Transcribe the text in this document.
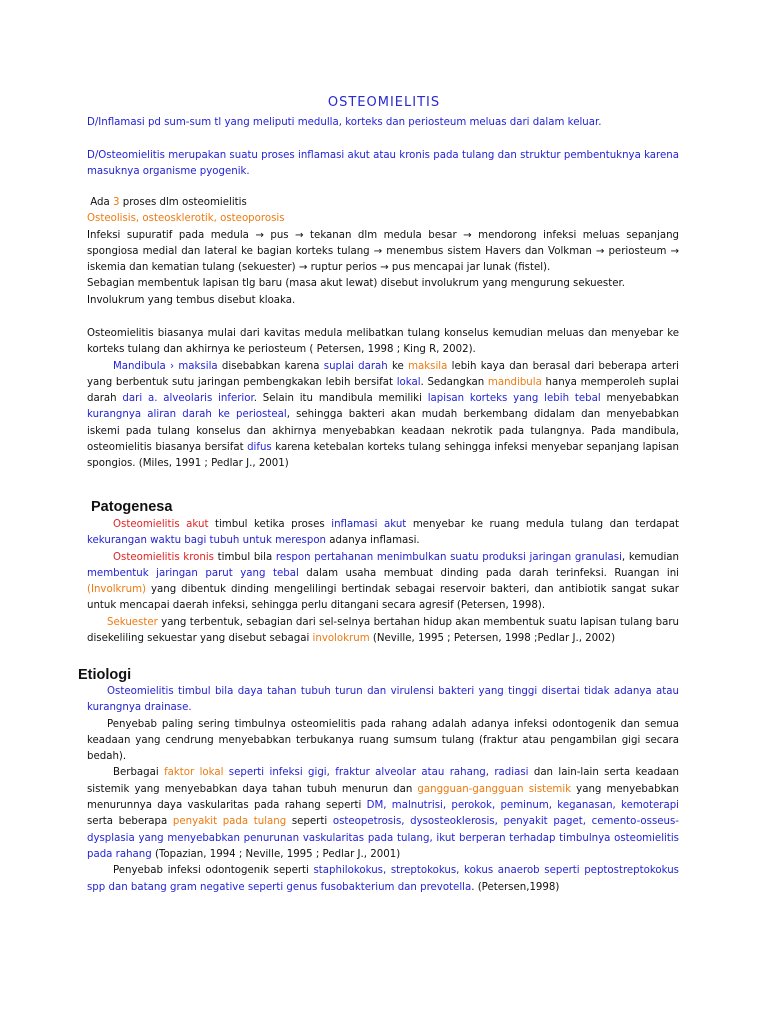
OSTEOMIELITIS

D/Inflamasi pd sum-sum tl yang meliputi medulla, korteks dan periosteum meluas dari dalam keluar.

D/Osteomielitis merupakan suatu proses inflamasi akut atau kronis pada tulang dan struktur pembentuknya karena masuknya organisme pyogenik.

Ada 3 proses dlm osteomielitis

Osteolisis, osteosklerotik, osteoporosis

Infeksi supuratif pada medula → pus → tekanan dlm medula besar → mendorong infeksi meluas sepanjang spongiosa medial dan lateral ke bagian korteks tulang → menembus sistem Havers dan Volkman → periosteum → iskemia dan kematian tulang (sekuester) → ruptur perios → pus mencapai jar lunak (fistel).

Sebagian membentuk lapisan tlg baru (masa akut lewat) disebut involukrum yang mengurung sekuester.

Involukrum yang tembus disebut kloaka.

Osteomielitis biasanya mulai dari kavitas medula melibatkan tulang konselus kemudian meluas dan menyebar ke korteks tulang dan akhirnya ke periosteum ( Petersen, 1998 ; King R, 2002).

Mandibula › maksila disebabkan karena suplai darah ke maksila lebih kaya dan berasal dari beberapa arteri yang berbentuk sutu jaringan pembengkakan lebih bersifat lokal. Sedangkan mandibula hanya memperoleh suplai darah dari a. alveolaris inferior. Selain itu mandibula memiliki lapisan korteks yang lebih tebal menyebabkan kurangnya aliran darah ke periosteal, sehingga bakteri akan mudah berkembang didalam dan menyebabkan iskemi pada tulang konselus dan akhirnya menyebabkan keadaan nekrotik pada tulangnya. Pada mandibula, osteomielitis biasanya bersifat difus karena ketebalan korteks tulang sehingga infeksi menyebar sepanjang lapisan spongios. (Miles, 1991 ; Pedlar J., 2001)

Patogenesa

Osteomielitis akut timbul ketika proses inflamasi akut menyebar ke ruang medula tulang dan terdapat kekurangan waktu bagi tubuh untuk merespon adanya inflamasi.

Osteomielitis kronis timbul bila respon pertahanan menimbulkan suatu produksi jaringan granulasi, kemudian membentuk jaringan parut yang tebal dalam usaha membuat dinding pada darah terinfeksi. Ruangan ini (Involkrum) yang dibentuk dinding mengelilingi bertindak sebagai reservoir bakteri, dan antibiotik sangat sukar untuk mencapai daerah infeksi, sehingga perlu ditangani secara agresif (Petersen, 1998).

Sekuester yang terbentuk, sebagian dari sel-selnya bertahan hidup akan membentuk suatu lapisan tulang baru disekeliling sekuestar yang disebut sebagai involokrum (Neville, 1995 ; Petersen, 1998 ;Pedlar J., 2002)

Etiologi

Osteomielitis timbul bila daya tahan tubuh turun dan virulensi bakteri yang tinggi disertai tidak adanya atau kurangnya drainase.

Penyebab paling sering timbulnya osteomielitis pada rahang adalah adanya infeksi odontogenik dan semua keadaan yang cendrung menyebabkan terbukanya ruang sumsum tulang (fraktur atau pengambilan gigi secara bedah).

Berbagai faktor lokal seperti infeksi gigi, fraktur alveolar atau rahang, radiasi dan lain-lain serta keadaan sistemik yang menyebabkan daya tahan tubuh menurun dan gangguan-gangguan sistemik yang menyebabkan menurunnya daya vaskularitas pada rahang seperti DM, malnutrisi, perokok, peminum, keganasan, kemoterapi serta beberapa penyakit pada tulang seperti osteopetrosis, dysosteoklerosis, penyakit paget, cemento-osseus-dysplasia yang menyebabkan penurunan vaskularitas pada tulang, ikut berperan terhadap timbulnya osteomielitis pada rahang (Topazian, 1994 ; Neville, 1995 ; Pedlar J., 2001)

Penyebab infeksi odontogenik seperti staphilokokus, streptokokus, kokus anaerob seperti peptostreptokokus spp dan batang gram negative seperti genus fusobakterium dan prevotella. (Petersen,1998)
